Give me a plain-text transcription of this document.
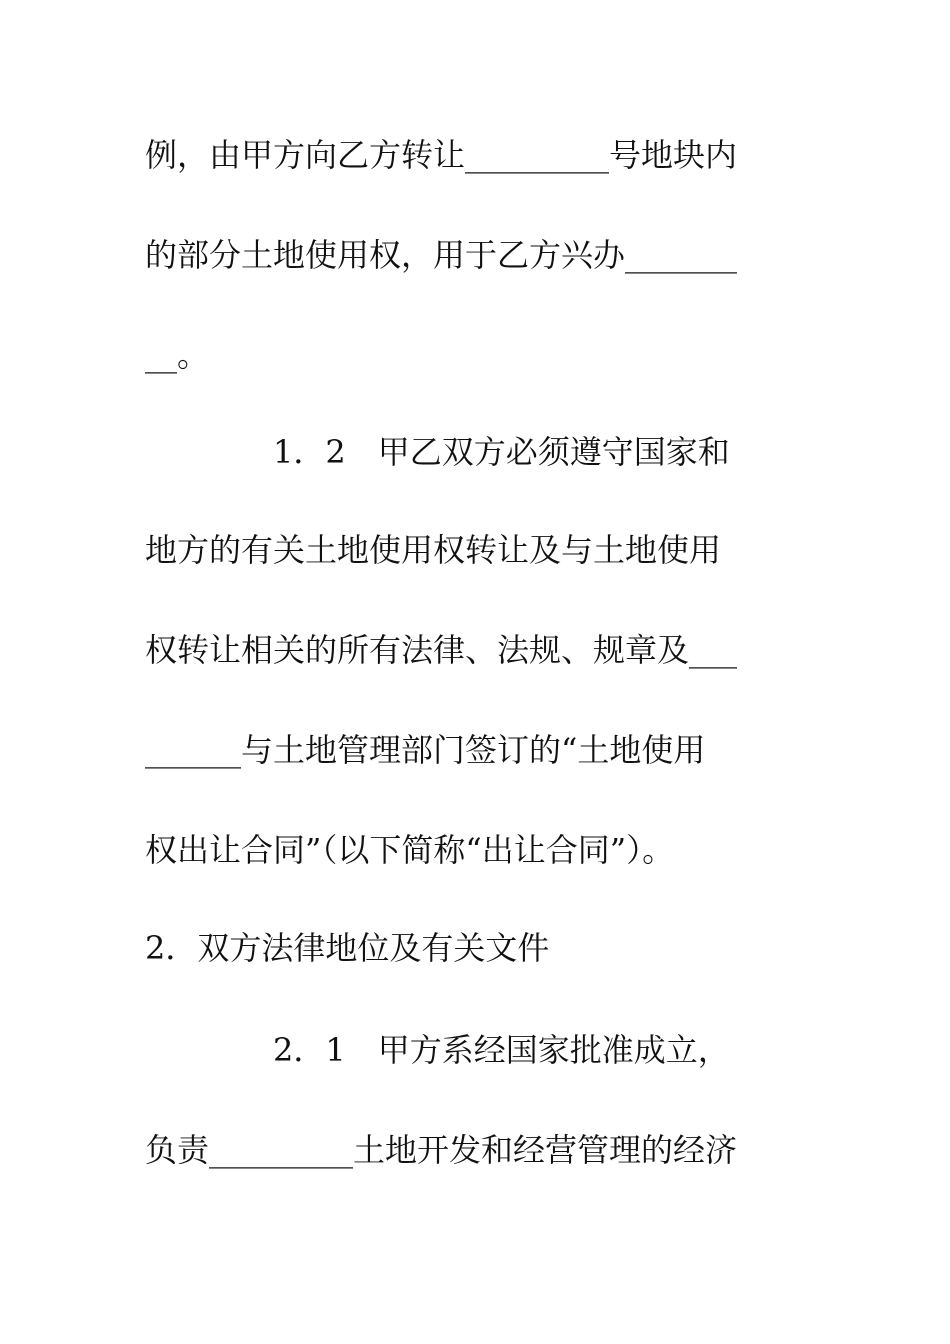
例，由甲方向乙方转让_________号地块内
的部分土地使用权，用于乙方兴办_______
__。
　　　　1．2　甲乙双方必须遵守国家和
地方的有关土地使用权转让及与土地使用
权转让相关的所有法律、法规、规章及___
______与土地管理部门签订的“土地使用
权出让合同”（以下简称“出让合同”）。
2．双方法律地位及有关文件
　　　　2．1　甲方系经国家批准成立，
负责_________土地开发和经营管理的经济
